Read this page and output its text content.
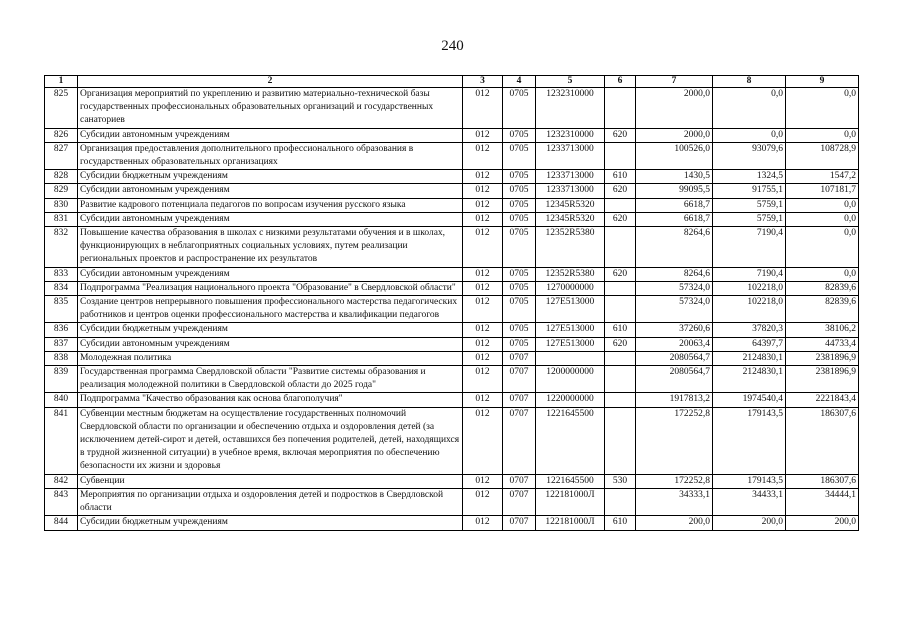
240
1	2	3	4	5	6	7	8	9
825	Организация мероприятий по укреплению и развитию материально-технической базы государственных профессиональных образовательных организаций и государственных санаториев	012	0705	1232310000		2000,0	0,0	0,0
826	Субсидии автономным учреждениям	012	0705	1232310000	620	2000,0	0,0	0,0
827	Организация предоставления дополнительного профессионального образования в государственных образовательных организациях	012	0705	1233713000		100526,0	93079,6	108728,9
828	Субсидии бюджетным учреждениям	012	0705	1233713000	610	1430,5	1324,5	1547,2
829	Субсидии автономным учреждениям	012	0705	1233713000	620	99095,5	91755,1	107181,7
830	Развитие кадрового потенциала педагогов по вопросам изучения русского языка	012	0705	12345R5320		6618,7	5759,1	0,0
831	Субсидии автономным учреждениям	012	0705	12345R5320	620	6618,7	5759,1	0,0
832	Повышение качества образования в школах с низкими результатами обучения и в школах, функционирующих в неблагоприятных социальных условиях, путем реализации региональных проектов и распространение их результатов	012	0705	12352R5380		8264,6	7190,4	0,0
833	Субсидии автономным учреждениям	012	0705	12352R5380	620	8264,6	7190,4	0,0
834	Подпрограмма "Реализация национального проекта "Образование" в Свердловской области"	012	0705	1270000000		57324,0	102218,0	82839,6
835	Создание центров непрерывного повышения профессионального мастерства педагогических работников и центров оценки профессионального мастерства и квалификации педагогов	012	0705	127E513000		57324,0	102218,0	82839,6
836	Субсидии бюджетным учреждениям	012	0705	127E513000	610	37260,6	37820,3	38106,2
837	Субсидии автономным учреждениям	012	0705	127E513000	620	20063,4	64397,7	44733,4
838	Молодежная политика	012	0707			2080564,7	2124830,1	2381896,9
839	Государственная программа Свердловской области "Развитие системы образования и реализация молодежной политики в Свердловской области до 2025 года"	012	0707	1200000000		2080564,7	2124830,1	2381896,9
840	Подпрограмма "Качество образования как основа благополучия"	012	0707	1220000000		1917813,2	1974540,4	2221843,4
841	Субвенции местным бюджетам на осуществление государственных полномочий Свердловской области по организации и обеспечению отдыха и оздоровления детей (за исключением детей-сирот и детей, оставшихся без попечения родителей, детей, находящихся в трудной жизненной ситуации) в учебное время, включая мероприятия по обеспечению безопасности их жизни и здоровья	012	0707	1221645500		172252,8	179143,5	186307,6
842	Субвенции	012	0707	1221645500	530	172252,8	179143,5	186307,6
843	Мероприятия по организации отдыха и оздоровления детей и подростков в Свердловской области	012	0707	122181000Л		34333,1	34433,1	34444,1
844	Субсидии бюджетным учреждениям	012	0707	122181000Л	610	200,0	200,0	200,0
